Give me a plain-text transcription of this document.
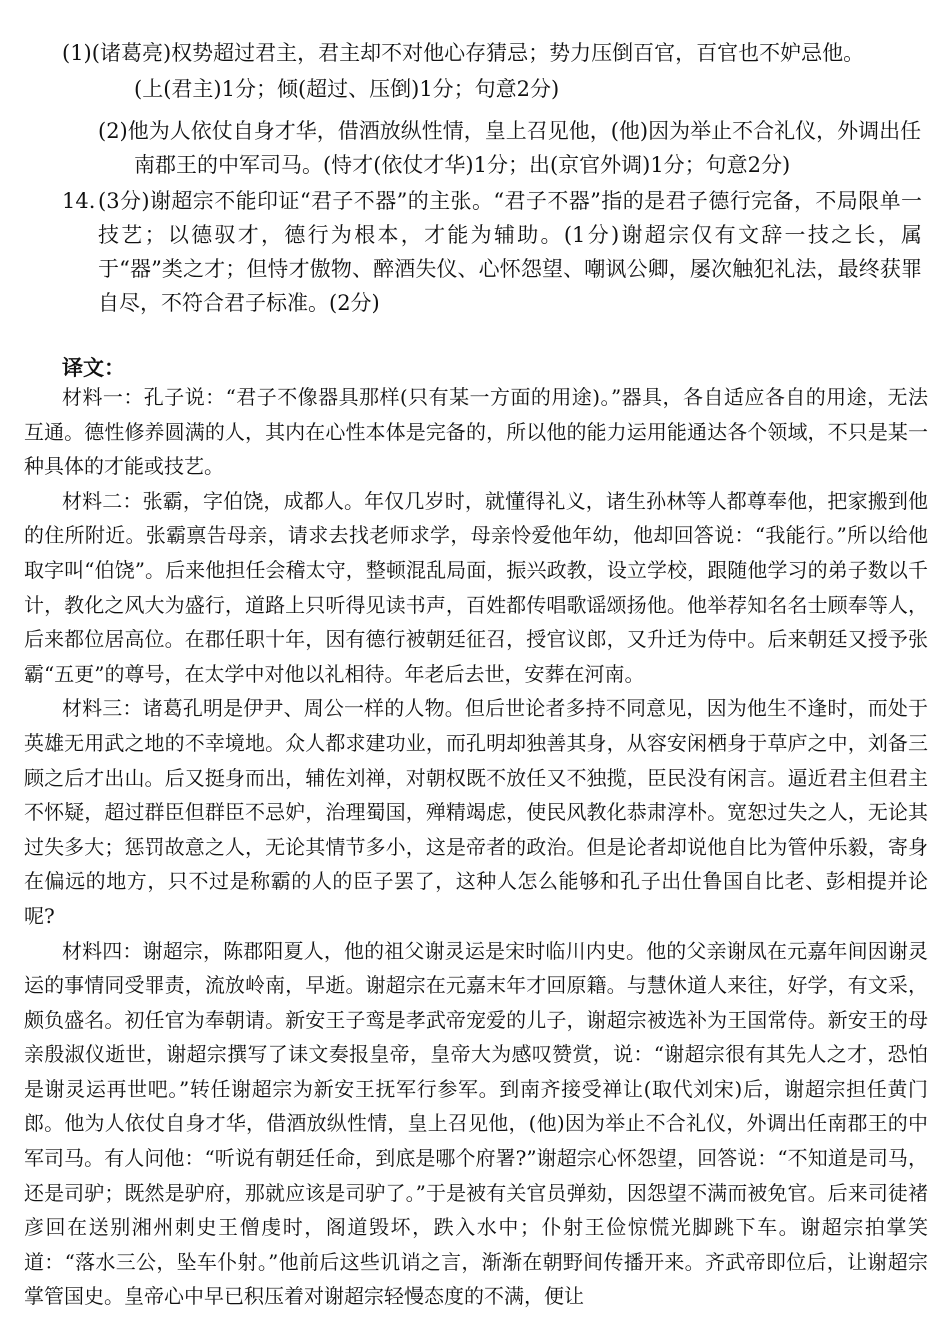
(1)(诸葛亮)权势超过君主，君主却不对他心存猜忌；势力压倒百官，百官也不妒忌他。
(上(君主)1分；倾(超过、压倒)1分；句意2分)
(2)他为人依仗自身才华，借酒放纵性情，皇上召见他，(他)因为举止不合礼仪，外调出任
南郡王的中军司马。(恃才(依仗才华)1分；出(京官外调)1分；句意2分)
14. (3分)谢超宗不能印证“君子不器”的主张。“君子不器”指的是君子德行完备，不局限单一技艺；以德驭才，德行为根本，才能为辅助。(1分)谢超宗仅有文辞一技之长，属于“器”类之才；但恃才傲物、醉酒失仪、心怀怨望、嘲讽公卿，屡次触犯礼法，最终获罪自尽，不符合君子标准。(2分)
译文：

材料一：孔子说：“君子不像器具那样(只有某一方面的用途)。”器具，各自适应各自的用途，无法互通。德性修养圆满的人，其内在心性本体是完备的，所以他的能力运用能通达各个领域，不只是某一种具体的才能或技艺。

材料二：张霸，字伯饶，成都人。年仅几岁时，就懂得礼义，诸生孙林等人都尊奉他，把家搬到他的住所附近。张霸禀告母亲，请求去找老师求学，母亲怜爱他年幼，他却回答说：“我能行。”所以给他取字叫“伯饶”。后来他担任会稽太守，整顿混乱局面，振兴政教，设立学校，跟随他学习的弟子数以千计，教化之风大为盛行，道路上只听得见读书声，百姓都传唱歌谣颂扬他。他举荐知名名士顾奉等人，后来都位居高位。在郡任职十年，因有德行被朝廷征召，授官议郎，又升迁为侍中。后来朝廷又授予张霸“五更”的尊号，在太学中对他以礼相待。年老后去世，安葬在河南。

材料三：诸葛孔明是伊尹、周公一样的人物。但后世论者多持不同意见，因为他生不逢时，而处于英雄无用武之地的不幸境地。众人都求建功业，而孔明却独善其身，从容安闲栖身于草庐之中，刘备三顾之后才出山。后又挺身而出，辅佐刘禅，对朝权既不放任又不独揽，臣民没有闲言。逼近君主但君主不怀疑，超过群臣但群臣不忌妒，治理蜀国，殚精竭虑，使民风教化恭肃淳朴。宽恕过失之人，无论其过失多大；惩罚故意之人，无论其情节多小，这是帝者的政治。但是论者却说他自比为管仲乐毅，寄身在偏远的地方，只不过是称霸的人的臣子罢了，这种人怎么能够和孔子出仕鲁国自比老、彭相提并论呢?

材料四：谢超宗，陈郡阳夏人，他的祖父谢灵运是宋时临川内史。他的父亲谢凤在元嘉年间因谢灵运的事情同受罪责，流放岭南，早逝。谢超宗在元嘉末年才回原籍。与慧休道人来往，好学，有文采，颇负盛名。初任官为奉朝请。新安王子鸾是孝武帝宠爱的儿子，谢超宗被选补为王国常侍。新安王的母亲殷淑仪逝世，谢超宗撰写了诔文奏报皇帝，皇帝大为感叹赞赏，说：“谢超宗很有其先人之才，恐怕是谢灵运再世吧。”转任谢超宗为新安王抚军行参军。到南齐接受禅让(取代刘宋)后，谢超宗担任黄门郎。他为人依仗自身才华，借酒放纵性情，皇上召见他，(他)因为举止不合礼仪，外调出任南郡王的中军司马。有人问他：“听说有朝廷任命，到底是哪个府署?”谢超宗心怀怨望，回答说：“不知道是司马，还是司驴；既然是驴府，那就应该是司驴了。”于是被有关官员弹劾，因怨望不满而被免官。后来司徒褚彦回在送别湘州刺史王僧虔时，阁道毁坏，跌入水中；仆射王俭惊慌光脚跳下车。谢超宗拍掌笑道：“落水三公，坠车仆射。”他前后这些讥诮之言，渐渐在朝野间传播开来。齐武帝即位后，让谢超宗掌管国史。皇帝心中早已积压着对谢超宗轻慢态度的不满，便让
